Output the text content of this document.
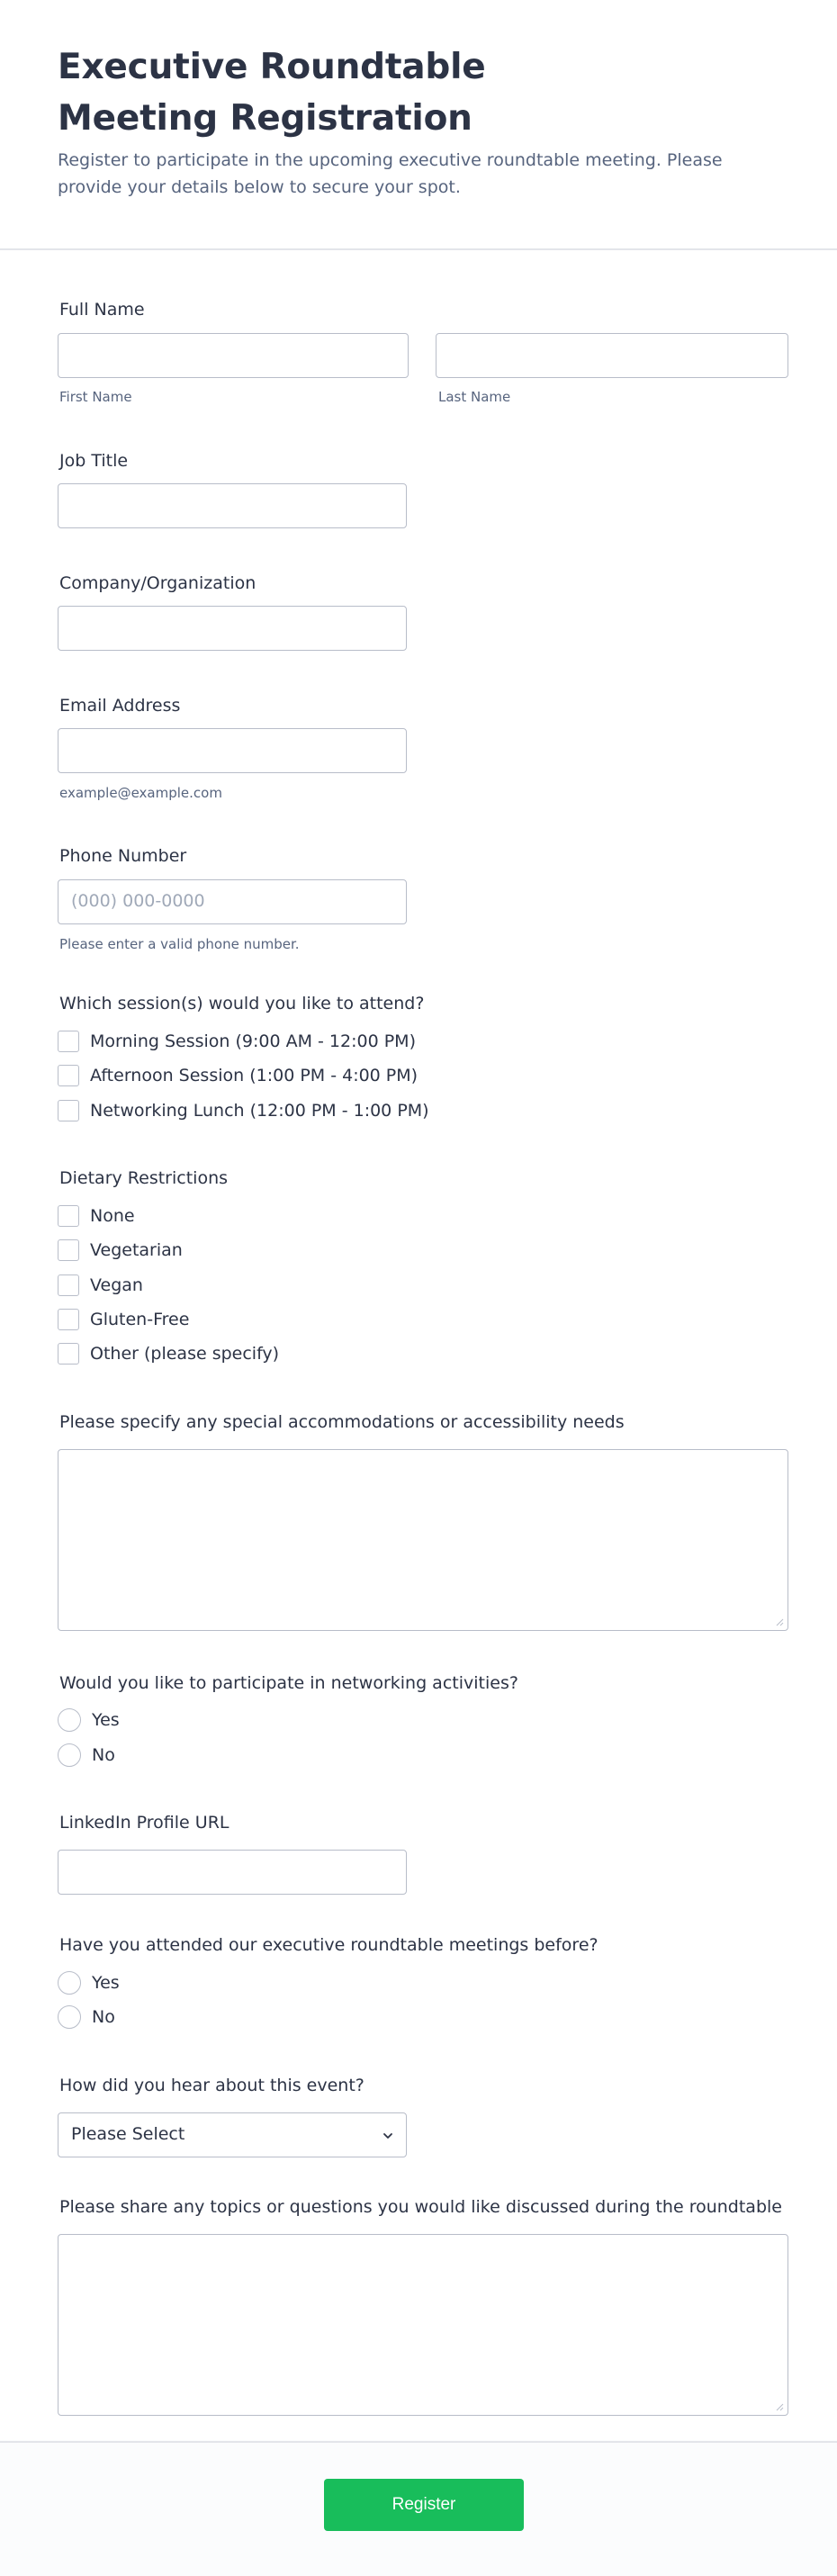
Executive Roundtable Meeting Registration
Register to participate in the upcoming executive roundtable meeting. Please provide your details below to secure your spot.
Full Name
First Name	Last Name
Job Title
Company/Organization
Email Address
example@example.com
Phone Number
(000) 000-0000
Please enter a valid phone number.
Which session(s) would you like to attend?
Morning Session (9:00 AM - 12:00 PM)
Afternoon Session (1:00 PM - 4:00 PM)
Networking Lunch (12:00 PM - 1:00 PM)
Dietary Restrictions
None
Vegetarian
Vegan
Gluten-Free
Other (please specify)
Please specify any special accommodations or accessibility needs
Would you like to participate in networking activities?
Yes
No
LinkedIn Profile URL
Have you attended our executive roundtable meetings before?
Yes
No
How did you hear about this event?
Please Select
Please share any topics or questions you would like discussed during the roundtable
Register
